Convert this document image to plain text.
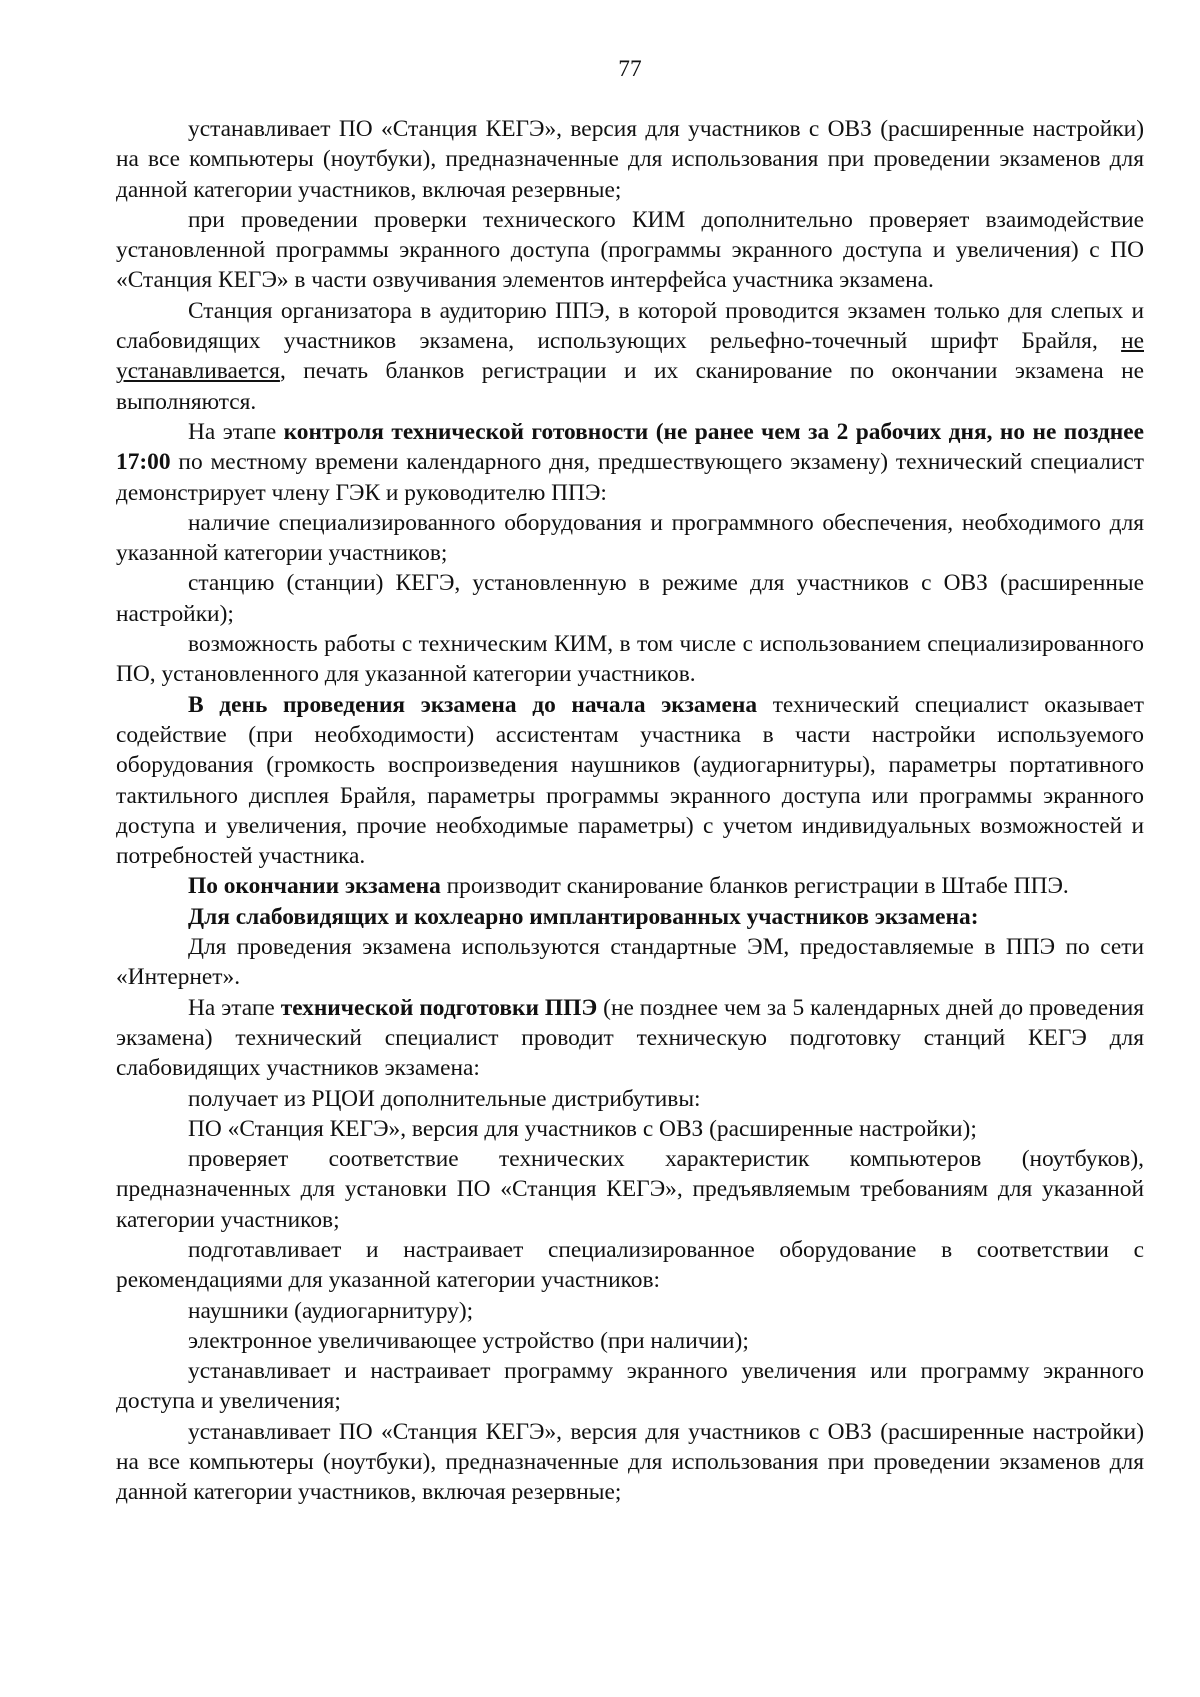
77

устанавливает ПО «Станция КЕГЭ», версия для участников с ОВЗ (расширенные настройки) на все компьютеры (ноутбуки), предназначенные для использования при проведении экзаменов для данной категории участников, включая резервные;

при проведении проверки технического КИМ дополнительно проверяет взаимодействие установленной программы экранного доступа (программы экранного доступа и увеличения) с ПО «Станция КЕГЭ» в части озвучивания элементов интерфейса участника экзамена.

Станция организатора в аудиторию ППЭ, в которой проводится экзамен только для слепых и слабовидящих участников экзамена, использующих рельефно-точечный шрифт Брайля, не устанавливается, печать бланков регистрации и их сканирование по окончании экзамена не выполняются.

На этапе контроля технической готовности (не ранее чем за 2 рабочих дня, но не позднее 17:00 по местному времени календарного дня, предшествующего экзамену) технический специалист демонстрирует члену ГЭК и руководителю ППЭ:

наличие специализированного оборудования и программного обеспечения, необходимого для указанной категории участников;

станцию (станции) КЕГЭ, установленную в режиме для участников с ОВЗ (расширенные настройки);

возможность работы с техническим КИМ, в том числе с использованием специализированного ПО, установленного для указанной категории участников.

В день проведения экзамена до начала экзамена технический специалист оказывает содействие (при необходимости) ассистентам участника в части настройки используемого оборудования (громкость воспроизведения наушников (аудиогарнитуры), параметры портативного тактильного дисплея Брайля, параметры программы экранного доступа или программы экранного доступа и увеличения, прочие необходимые параметры) с учетом индивидуальных возможностей и потребностей участника.

По окончании экзамена производит сканирование бланков регистрации в Штабе ППЭ.

Для слабовидящих и кохлеарно имплантированных участников экзамена:

Для проведения экзамена используются стандартные ЭМ, предоставляемые в ППЭ по сети «Интернет».

На этапе технической подготовки ППЭ (не позднее чем за 5 календарных дней до проведения экзамена) технический специалист проводит техническую подготовку станций КЕГЭ для слабовидящих участников экзамена:

получает из РЦОИ дополнительные дистрибутивы:

ПО «Станция КЕГЭ», версия для участников с ОВЗ (расширенные настройки);

проверяет соответствие технических характеристик компьютеров (ноутбуков), предназначенных для установки ПО «Станция КЕГЭ», предъявляемым требованиям для указанной категории участников;

подготавливает и настраивает специализированное оборудование в соответствии с рекомендациями для указанной категории участников:

наушники (аудиогарнитуру);

электронное увеличивающее устройство (при наличии);

устанавливает и настраивает программу экранного увеличения или программу экранного доступа и увеличения;

устанавливает ПО «Станция КЕГЭ», версия для участников с ОВЗ (расширенные настройки) на все компьютеры (ноутбуки), предназначенные для использования при проведении экзаменов для данной категории участников, включая резервные;
